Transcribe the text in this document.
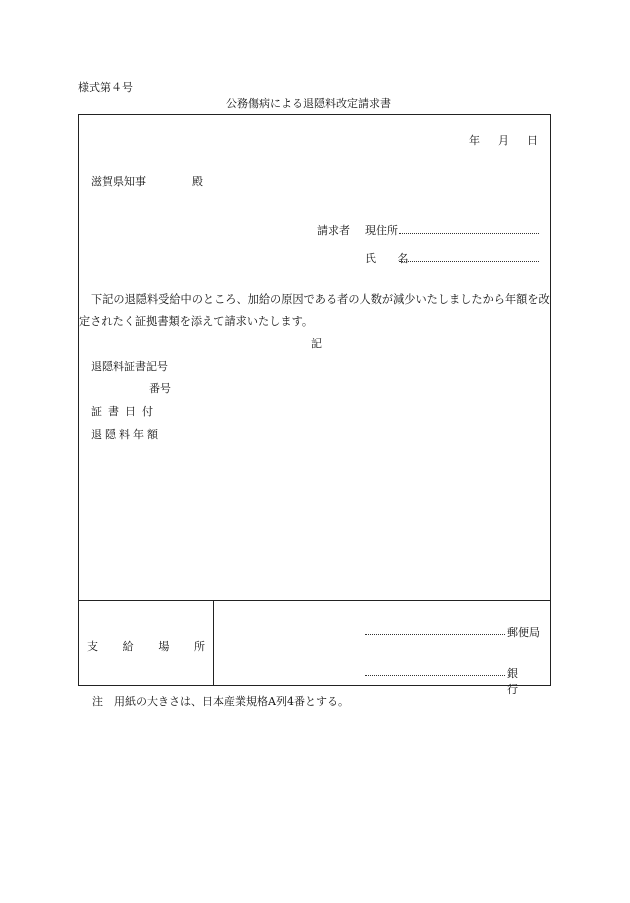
様式第４号
公務傷病による退隠料改定請求書
年 月 日
滋賀県知事	殿
請求者 現住所
氏 名
下記の退隠料受給中のところ、加給の原因である者の人数が減少いたしましたから年額を改定されたく証拠書類を添えて請求いたします。
記
退隠料証書記号
番号
証書日付
退隠料年額
支 給 場 所
郵便局
銀行
注　用紙の大きさは、日本産業規格A列4番とする。
